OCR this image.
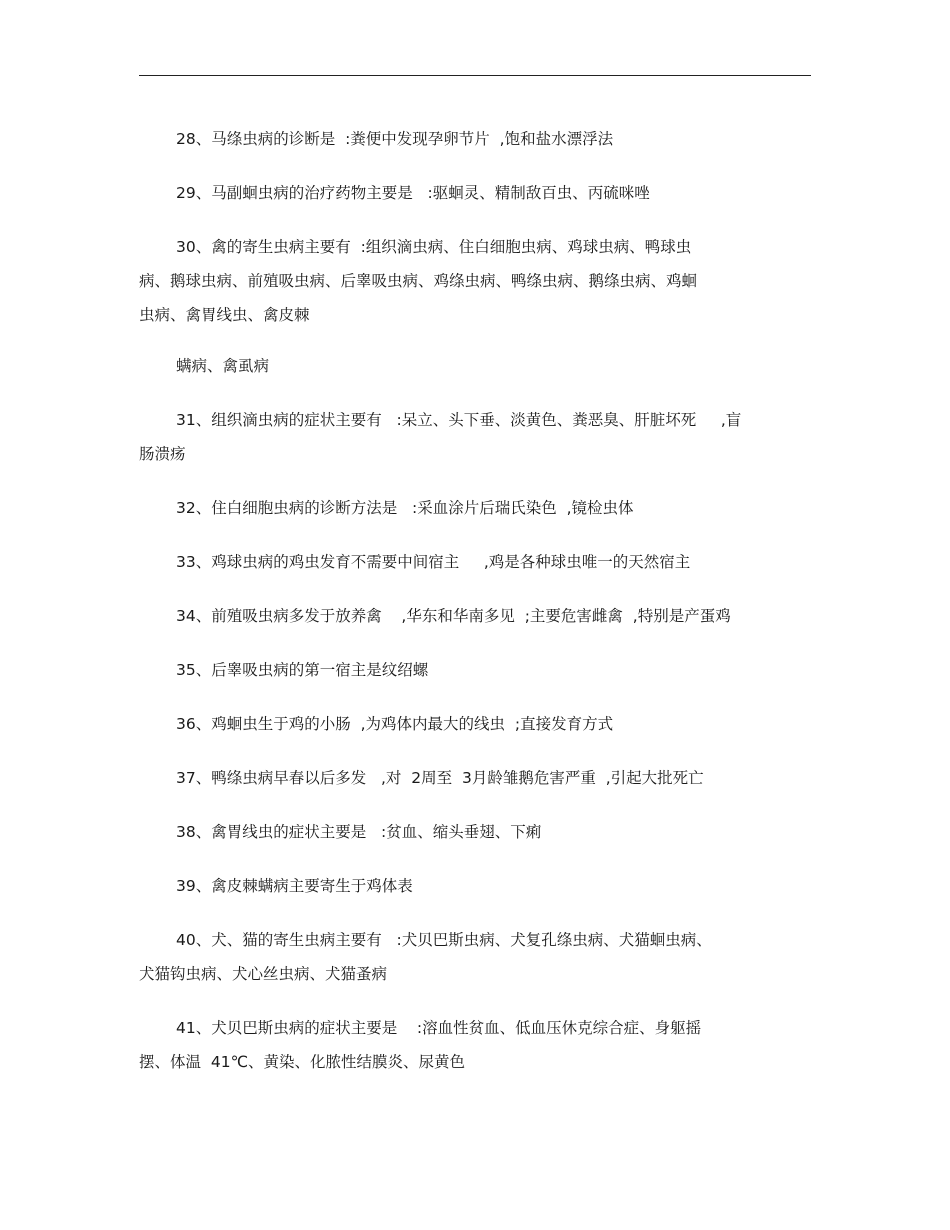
28、马绦虫病的诊断是  :粪便中发现孕卵节片  ,饱和盐水漂浮法

29、马副蛔虫病的治疗药物主要是   :驱蛔灵、精制敌百虫、丙硫咪唑

30、禽的寄生虫病主要有  :组织滴虫病、住白细胞虫病、鸡球虫病、鸭球虫
病、鹅球虫病、前殖吸虫病、后睾吸虫病、鸡绦虫病、鸭绦虫病、鹅绦虫病、鸡蛔
虫病、禽胃线虫、禽皮棘

螨病、禽虱病

31、组织滴虫病的症状主要有   :呆立、头下垂、淡黄色、粪恶臭、肝脏坏死     ,盲
肠溃疡

32、住白细胞虫病的诊断方法是   :采血涂片后瑞氏染色  ,镜检虫体

33、鸡球虫病的鸡虫发育不需要中间宿主     ,鸡是各种球虫唯一的天然宿主

34、前殖吸虫病多发于放养禽    ,华东和华南多见  ;主要危害雌禽  ,特别是产蛋鸡

35、后睾吸虫病的第一宿主是纹绍螺

36、鸡蛔虫生于鸡的小肠  ,为鸡体内最大的线虫  ;直接发育方式

37、鸭绦虫病早春以后多发   ,对  2周至  3月龄雏鹅危害严重  ,引起大批死亡

38、禽胃线虫的症状主要是   :贫血、缩头垂翅、下痢

39、禽皮棘螨病主要寄生于鸡体表

40、犬、猫的寄生虫病主要有   :犬贝巴斯虫病、犬复孔绦虫病、犬猫蛔虫病、
犬猫钩虫病、犬心丝虫病、犬猫蚤病

41、犬贝巴斯虫病的症状主要是    :溶血性贫血、低血压休克综合症、身躯摇
摆、体温  41℃、黄染、化脓性结膜炎、尿黄色
